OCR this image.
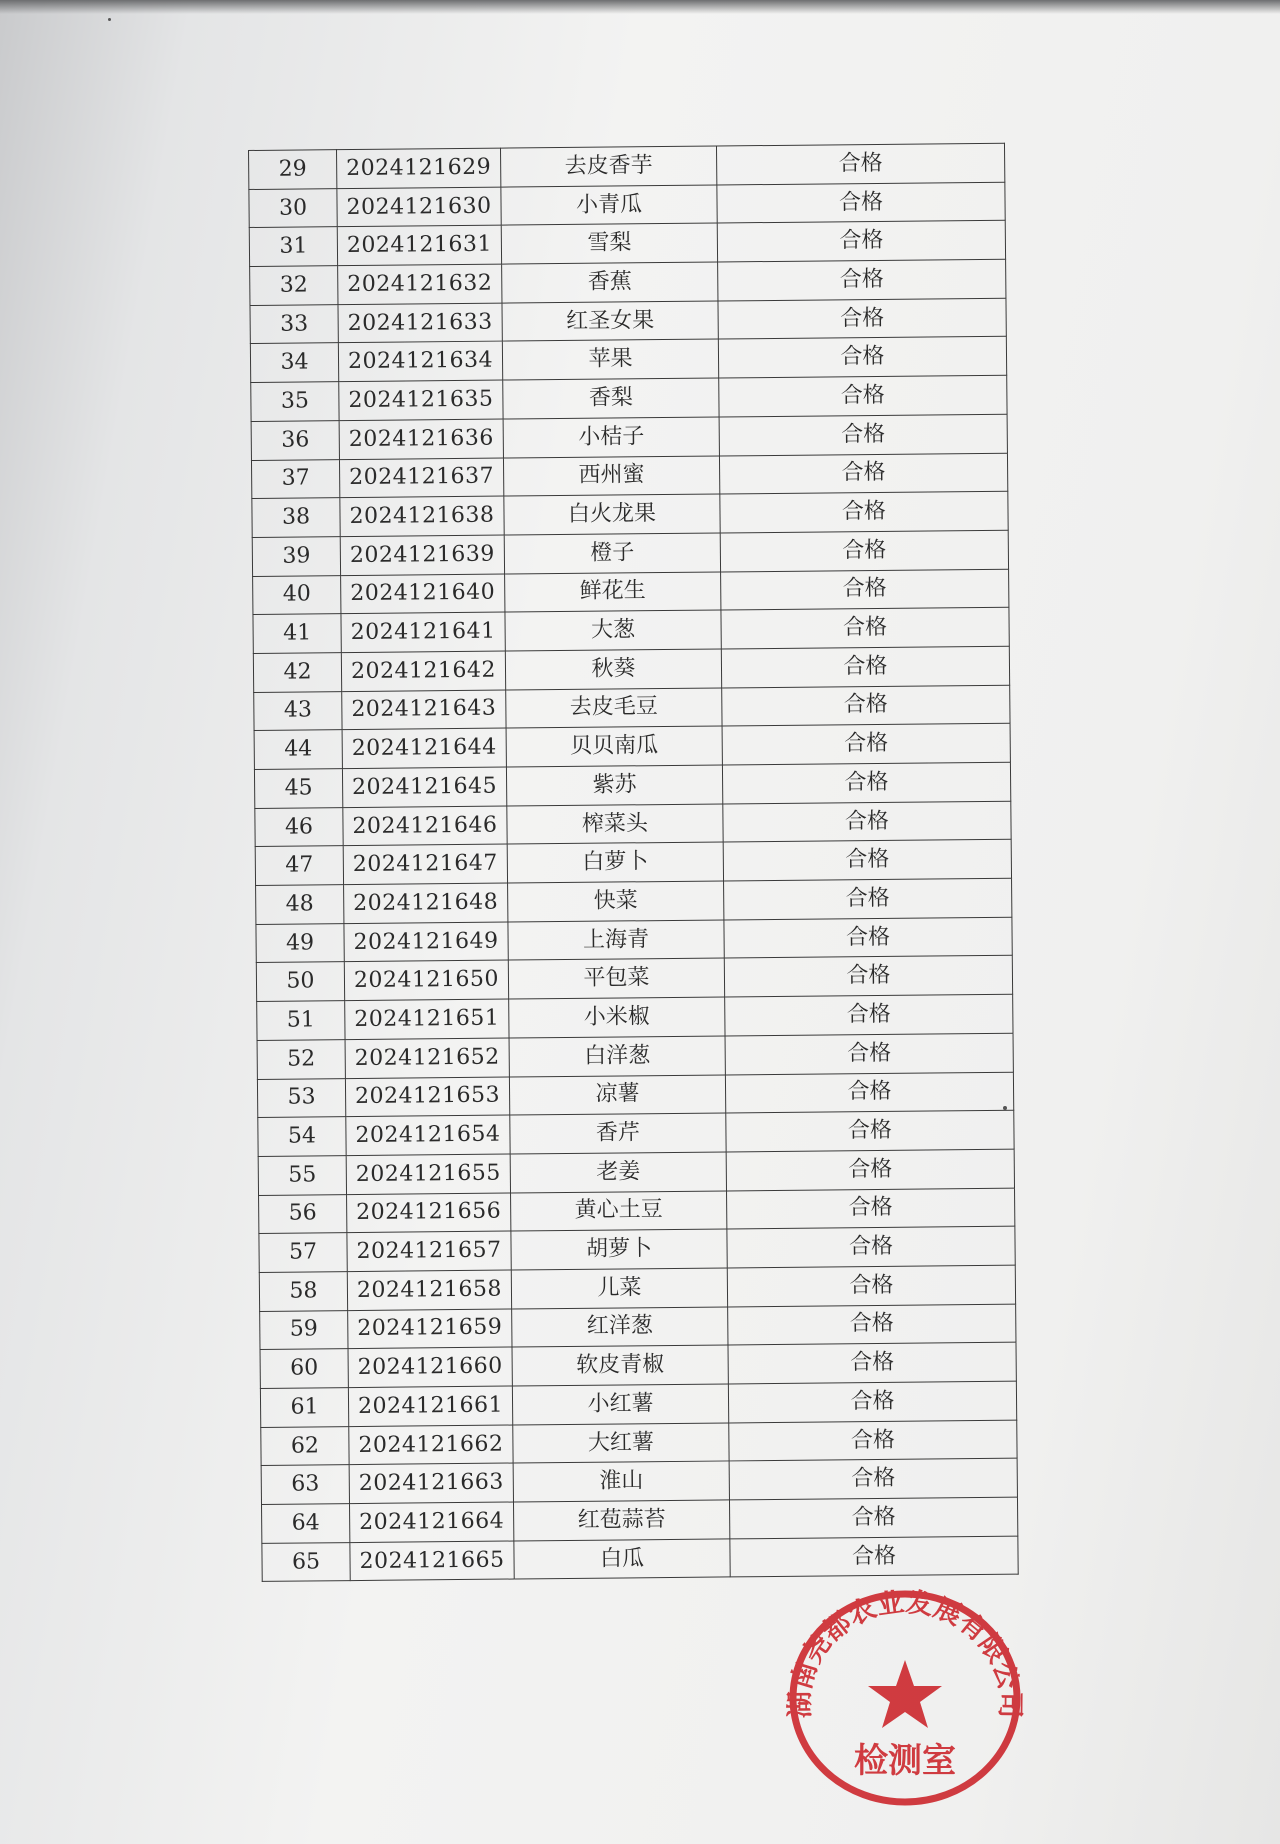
29	2024121629	去皮香芋	合格
30	2024121630	小青瓜	合格
31	2024121631	雪梨	合格
32	2024121632	香蕉	合格
33	2024121633	红圣女果	合格
34	2024121634	苹果	合格
35	2024121635	香梨	合格
36	2024121636	小桔子	合格
37	2024121637	西州蜜	合格
38	2024121638	白火龙果	合格
39	2024121639	橙子	合格
40	2024121640	鲜花生	合格
41	2024121641	大葱	合格
42	2024121642	秋葵	合格
43	2024121643	去皮毛豆	合格
44	2024121644	贝贝南瓜	合格
45	2024121645	紫苏	合格
46	2024121646	榨菜头	合格
47	2024121647	白萝卜	合格
48	2024121648	快菜	合格
49	2024121649	上海青	合格
50	2024121650	平包菜	合格
51	2024121651	小米椒	合格
52	2024121652	白洋葱	合格
53	2024121653	凉薯	合格
54	2024121654	香芹	合格
55	2024121655	老姜	合格
56	2024121656	黄心土豆	合格
57	2024121657	胡萝卜	合格
58	2024121658	儿菜	合格
59	2024121659	红洋葱	合格
60	2024121660	软皮青椒	合格
61	2024121661	小红薯	合格
62	2024121662	大红薯	合格
63	2024121663	淮山	合格
64	2024121664	红苞蒜苔	合格
65	2024121665	白瓜	合格
湖南尧都农业发展有限公司
检测室
